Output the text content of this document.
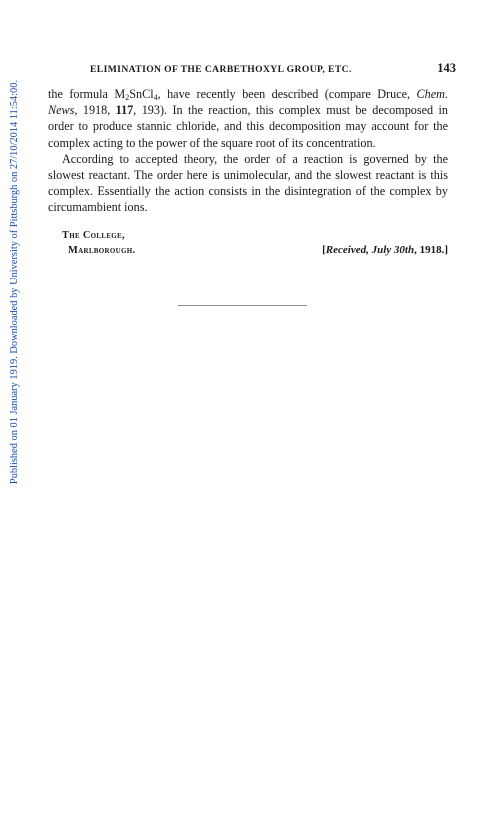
Published on 01 January 1919. Downloaded by University of Pittsburgh on 27/10/2014 11:54:00.
ELIMINATION OF THE CARBETHOXYL GROUP, ETC.	143

the formula $M_2SnCl_4$, have recently been described (compare Druce, Chem. News, 1918, 117, 193). In the reaction, this complex must be decomposed in order to produce stannic chloride, and this decomposition may account for the complex acting to the power of the square root of its concentration.

According to accepted theory, the order of a reaction is governed by the slowest reactant. The order here is unimolecular, and the slowest reactant is this complex. Essentially the action consists in the disintegration of the complex by circumambient ions.

The College,
Marlborough.	[Received, July 30th, 1918.]
